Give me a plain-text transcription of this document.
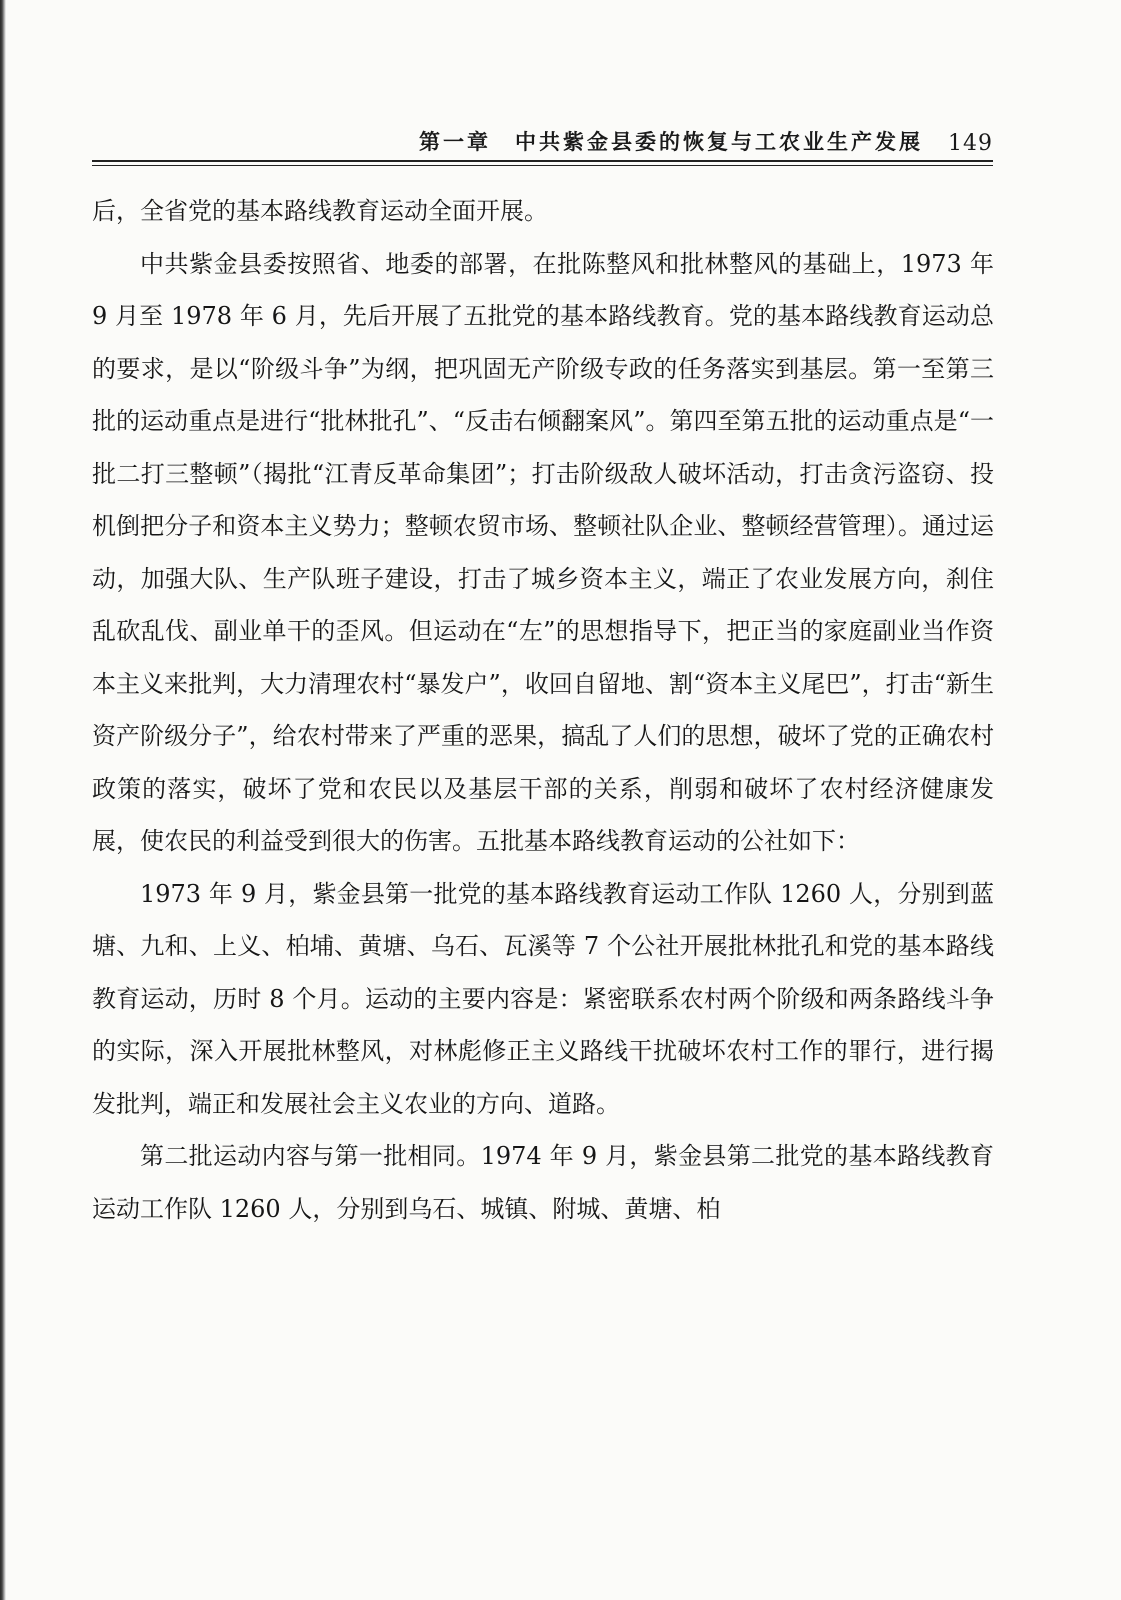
第一章　中共紫金县委的恢复与工农业生产发展 149

后，全省党的基本路线教育运动全面开展。

中共紫金县委按照省、地委的部署，在批陈整风和批林整风的基础上，1973 年 9 月至 1978 年 6 月，先后开展了五批党的基本路线教育。党的基本路线教育运动总的要求，是以“阶级斗争”为纲，把巩固无产阶级专政的任务落实到基层。第一至第三批的运动重点是进行“批林批孔”、“反击右倾翻案风”。第四至第五批的运动重点是“一批二打三整顿”（揭批“江青反革命集团”；打击阶级敌人破坏活动，打击贪污盗窃、投机倒把分子和资本主义势力；整顿农贸市场、整顿社队企业、整顿经营管理）。通过运动，加强大队、生产队班子建设，打击了城乡资本主义，端正了农业发展方向，刹住乱砍乱伐、副业单干的歪风。但运动在“左”的思想指导下，把正当的家庭副业当作资本主义来批判，大力清理农村“暴发户”，收回自留地、割“资本主义尾巴”，打击“新生资产阶级分子”，给农村带来了严重的恶果，搞乱了人们的思想，破坏了党的正确农村政策的落实，破坏了党和农民以及基层干部的关系，削弱和破坏了农村经济健康发展，使农民的利益受到很大的伤害。五批基本路线教育运动的公社如下：

1973 年 9 月，紫金县第一批党的基本路线教育运动工作队 1260 人，分别到蓝塘、九和、上义、柏埔、黄塘、乌石、瓦溪等 7 个公社开展批林批孔和党的基本路线教育运动，历时 8 个月。运动的主要内容是：紧密联系农村两个阶级和两条路线斗争的实际，深入开展批林整风，对林彪修正主义路线干扰破坏农村工作的罪行，进行揭发批判，端正和发展社会主义农业的方向、道路。

第二批运动内容与第一批相同。1974 年 9 月，紫金县第二批党的基本路线教育运动工作队 1260 人，分别到乌石、城镇、附城、黄塘、柏
